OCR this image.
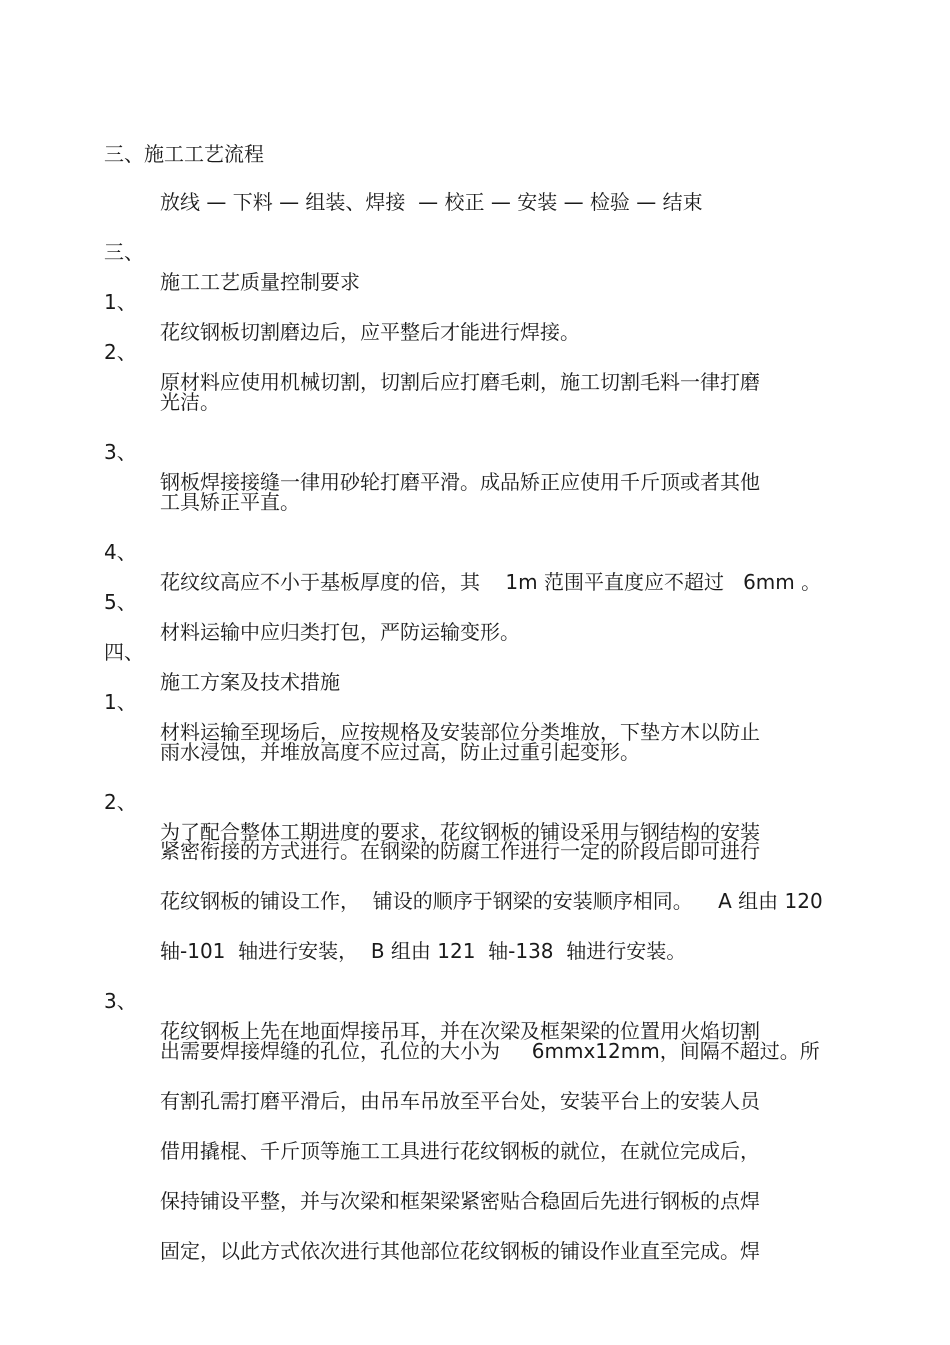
三、施工工艺流程

放线 — 下料 — 组装、焊接  — 校正 — 安装 — 检验 — 结束

三、

施工工艺质量控制要求

1、

花纹钢板切割磨边后，应平整后才能进行焊接。

2、

原材料应使用机械切割，切割后应打磨毛刺，施工切割毛料一律打磨

光洁。

3、

钢板焊接接缝一律用砂轮打磨平滑。成品矫正应使用千斤顶或者其他

工具矫正平直。

4、

花纹纹高应不小于基板厚度的倍，其    1m 范围平直度应不超过   6mm 。

5、

材料运输中应归类打包，严防运输变形。

四、

施工方案及技术措施

1、

材料运输至现场后，应按规格及安装部位分类堆放，下垫方木以防止

雨水浸蚀，并堆放高度不应过高，防止过重引起变形。

2、

为了配合整体工期进度的要求，花纹钢板的铺设采用与钢结构的安装

紧密衔接的方式进行。在钢梁的防腐工作进行一定的阶段后即可进行

花纹钢板的铺设工作，  铺设的顺序于钢梁的安装顺序相同。    A 组由 120

轴-101  轴进行安装，  B 组由 121  轴-138  轴进行安装。

3、

花纹钢板上先在地面焊接吊耳，并在次梁及框架梁的位置用火焰切割

出需要焊接焊缝的孔位，孔位的大小为     6mmx12mm，间隔不超过。所

有割孔需打磨平滑后，由吊车吊放至平台处，安装平台上的安装人员

借用撬棍、千斤顶等施工工具进行花纹钢板的就位，在就位完成后，

保持铺设平整，并与次梁和框架梁紧密贴合稳固后先进行钢板的点焊

固定，以此方式依次进行其他部位花纹钢板的铺设作业直至完成。焊
